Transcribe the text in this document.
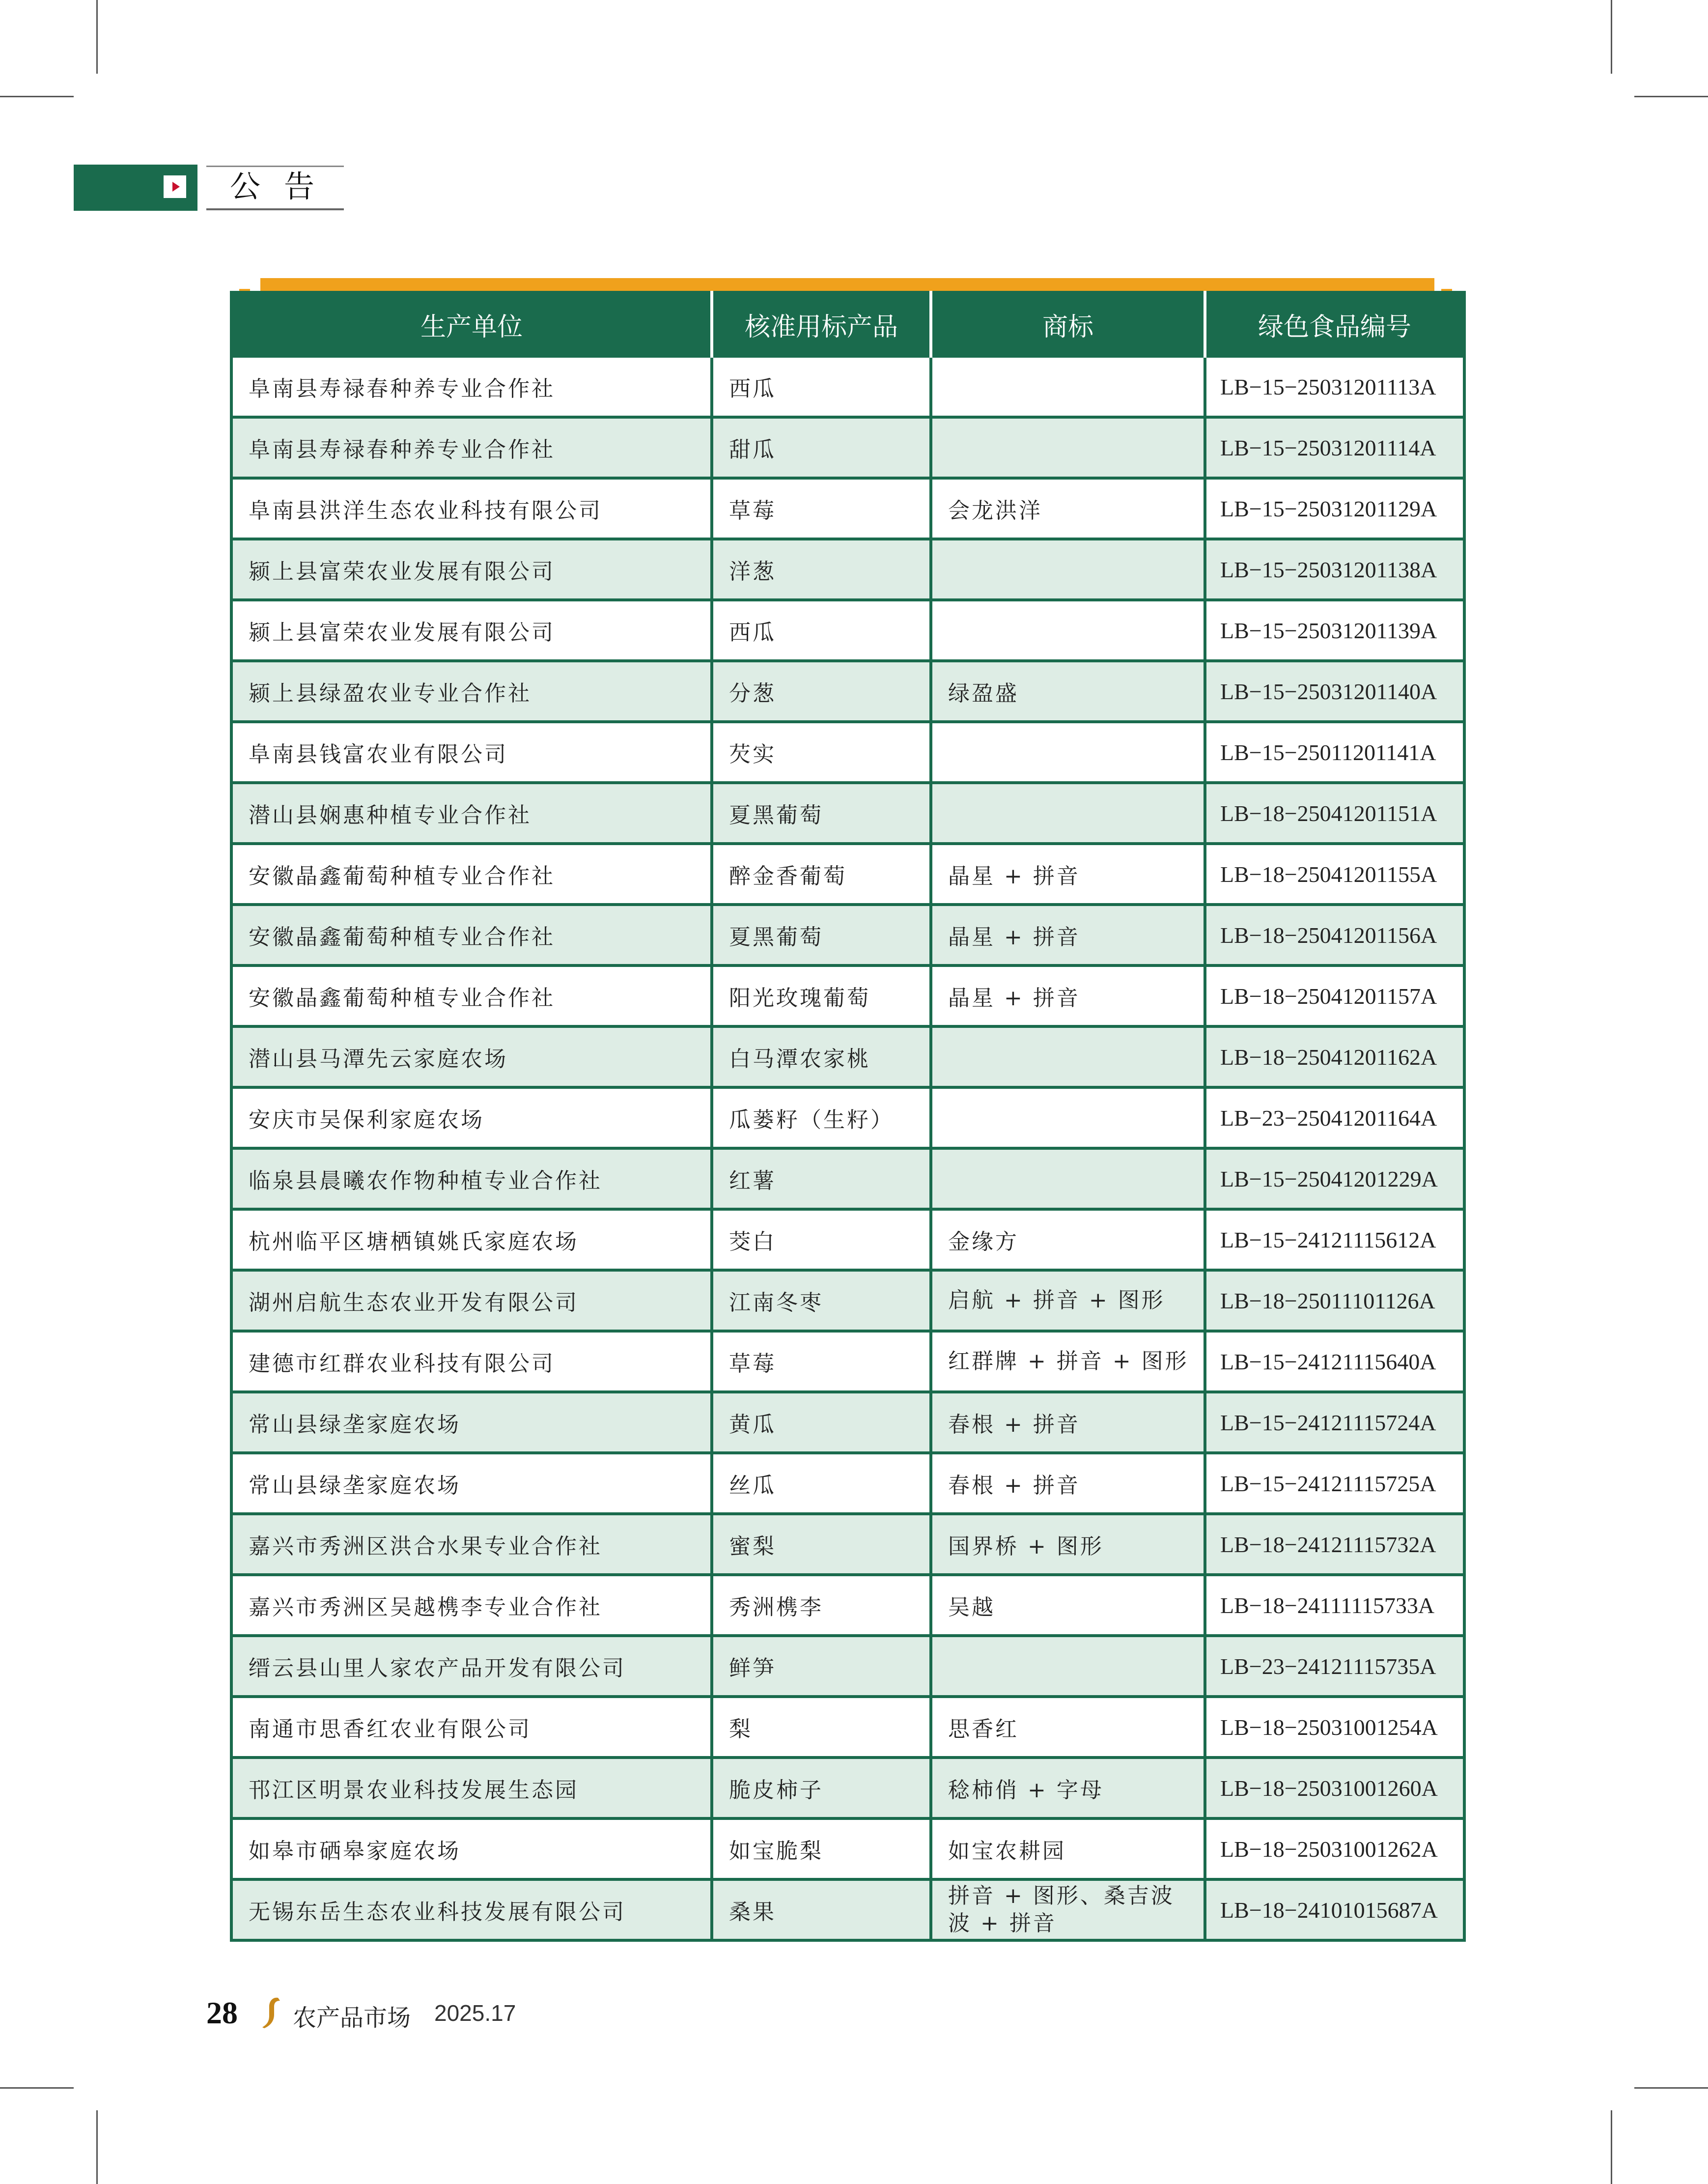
公告
生产单位	核准用标产品	商标	绿色食品编号
阜南县寿禄春种养专业合作社	西瓜		LB−15−25031201113A
阜南县寿禄春种养专业合作社	甜瓜		LB−15−25031201114A
阜南县洪洋生态农业科技有限公司	草莓	会龙洪洋	LB−15−25031201129A
颍上县富荣农业发展有限公司	洋葱		LB−15−25031201138A
颍上县富荣农业发展有限公司	西瓜		LB−15−25031201139A
颍上县绿盈农业专业合作社	分葱	绿盈盛	LB−15−25031201140A
阜南县钱富农业有限公司	芡实		LB−15−25011201141A
潜山县娴惠种植专业合作社	夏黑葡萄		LB−18−25041201151A
安徽晶鑫葡萄种植专业合作社	醉金香葡萄	晶星 + 拼音	LB−18−25041201155A
安徽晶鑫葡萄种植专业合作社	夏黑葡萄	晶星 + 拼音	LB−18−25041201156A
安徽晶鑫葡萄种植专业合作社	阳光玫瑰葡萄	晶星 + 拼音	LB−18−25041201157A
潜山县马潭先云家庭农场	白马潭农家桃		LB−18−25041201162A
安庆市吴保利家庭农场	瓜蒌籽（生籽）		LB−23−25041201164A
临泉县晨曦农作物种植专业合作社	红薯		LB−15−25041201229A
杭州临平区塘栖镇姚氏家庭农场	茭白	金缘方	LB−15−24121115612A
湖州启航生态农业开发有限公司	江南冬枣	启航 + 拼音 + 图形	LB−18−25011101126A
建德市红群农业科技有限公司	草莓	红群牌 + 拼音 + 图形	LB−15−24121115640A
常山县绿垄家庭农场	黄瓜	春根 + 拼音	LB−15−24121115724A
常山县绿垄家庭农场	丝瓜	春根 + 拼音	LB−15−24121115725A
嘉兴市秀洲区洪合水果专业合作社	蜜梨	国界桥 + 图形	LB−18−24121115732A
嘉兴市秀洲区吴越槜李专业合作社	秀洲槜李	吴越	LB−18−24111115733A
缙云县山里人家农产品开发有限公司	鲜笋		LB−23−24121115735A
南通市思香红农业有限公司	梨	思香红	LB−18−25031001254A
邗江区明景农业科技发展生态园	脆皮柿子	稔柿俏 + 字母	LB−18−25031001260A
如皋市硒皋家庭农场	如宝脆梨	如宝农耕园	LB−18−25031001262A
无锡东岳生态农业科技发展有限公司	桑果	拼音 + 图形、桑吉波波 + 拼音	LB−18−24101015687A
28 农产品市场 2025.17
